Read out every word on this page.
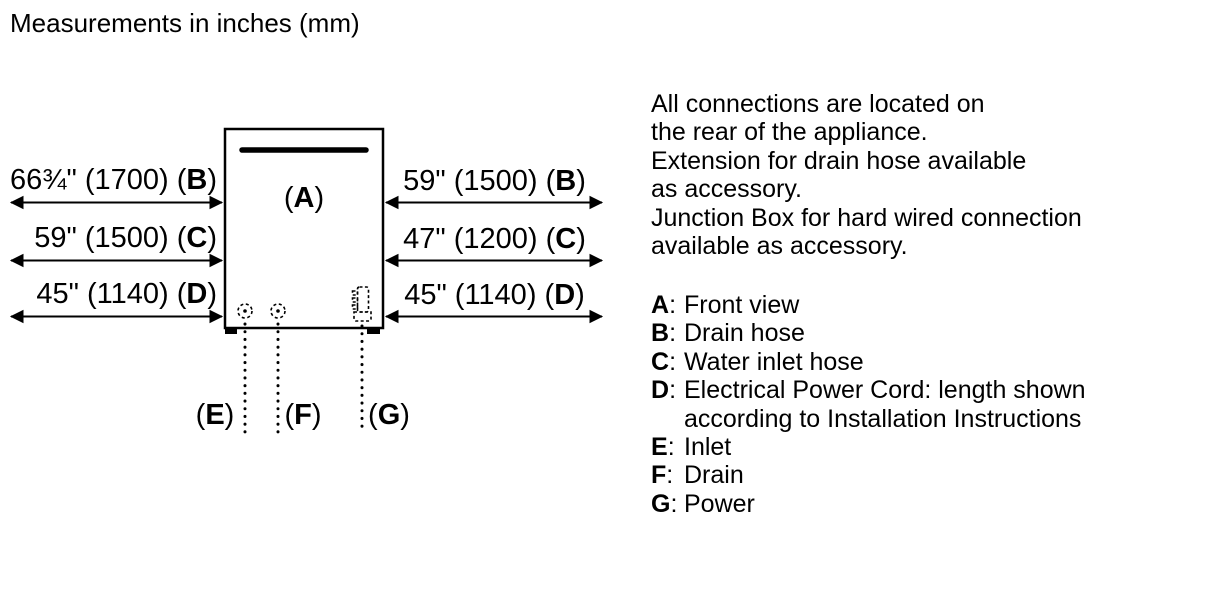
Measurements in inches (mm)
66¾" (1700) (B)
59" (1500) (C)
45" (1140) (D)
59" (1500) (B)
47" (1200) (C)
45" (1140) (D)
(A)
(E) (F) (G)
All connections are located on
the rear of the appliance.
Extension for drain hose available
as accessory.
Junction Box for hard wired connection
available as accessory.
A: Front view
B: Drain hose
C: Water inlet hose
D: Electrical Power Cord: length shown
according to Installation Instructions
E: Inlet
F: Drain
G: Power
